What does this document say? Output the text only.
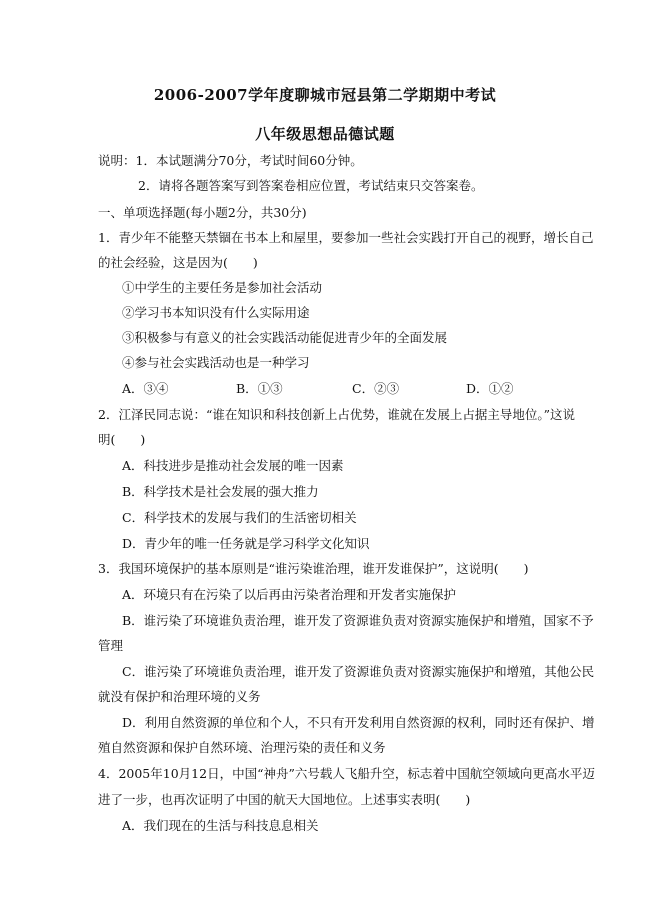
2006-2007学年度聊城市冠县第二学期期中考试
八年级思想品德试题
说明：1．本试题满分70分，考试时间60分钟。
2．请将各题答案写到答案卷相应位置，考试结束只交答案卷。
一、单项选择题(每小题2分，共30分)
1．青少年不能整天禁锢在书本上和屋里，要参加一些社会实践打开自己的视野，增长自己
的社会经验，这是因为(　　)
①中学生的主要任务是参加社会活动
②学习书本知识没有什么实际用途
③积极参与有意义的社会实践活动能促进青少年的全面发展
④参与社会实践活动也是一种学习
A．③④	B．①③	C．②③	D．①②
2．江泽民同志说：“谁在知识和科技创新上占优势，谁就在发展上占据主导地位。”这说
明(　　)
A．科技进步是推动社会发展的唯一因素
B．科学技术是社会发展的强大推力
C．科学技术的发展与我们的生活密切相关
D．青少年的唯一任务就是学习科学文化知识
3．我国环境保护的基本原则是“谁污染谁治理，谁开发谁保护”，这说明(　　)
A．环境只有在污染了以后再由污染者治理和开发者实施保护
B．谁污染了环境谁负责治理，谁开发了资源谁负责对资源实施保护和增殖，国家不予
管理
C．谁污染了环境谁负责治理，谁开发了资源谁负责对资源实施保护和增殖，其他公民
就没有保护和治理环境的义务
D．利用自然资源的单位和个人，不只有开发利用自然资源的权利，同时还有保护、增
殖自然资源和保护自然环境、治理污染的责任和义务
4．2005年10月12日，中国“神舟”六号载人飞船升空，标志着中国航空领域向更高水平迈
进了一步，也再次证明了中国的航天大国地位。上述事实表明(　　)
A．我们现在的生活与科技息息相关
